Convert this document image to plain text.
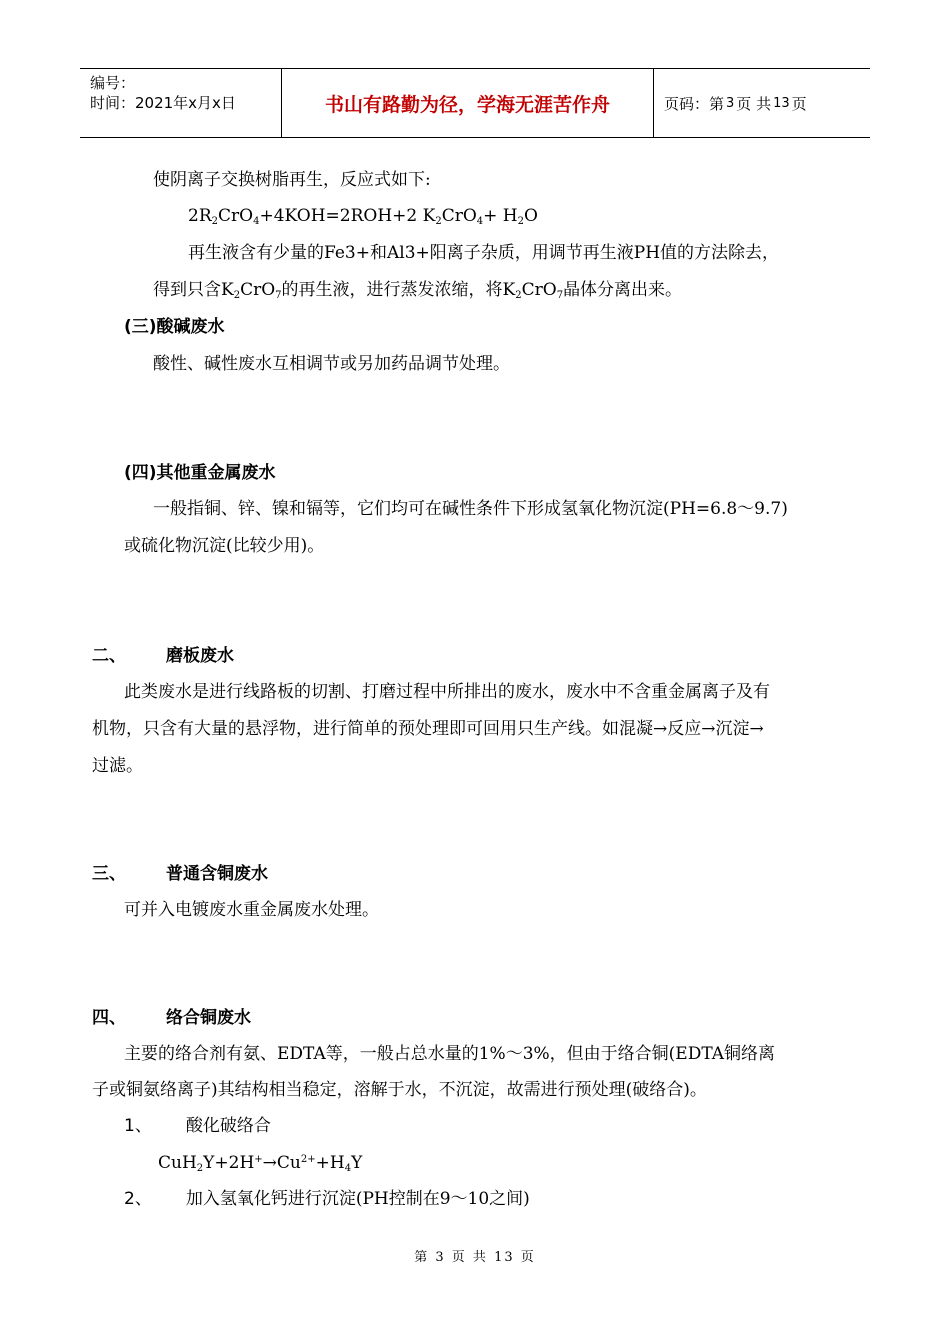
编号：
时间：2021年x月x日	书山有路勤为径，学海无涯苦作舟	页码：第 3 页 共 13 页
使阴离子交换树脂再生，反应式如下:
$2R_2CrO_4+4KOH=2ROH+2$ $K_2CrO_4+ H_2O$
再生液含有少量的Fe3+和Al3+阳离子杂质，用调节再生液PH值的方法除去，
得到只含$K_2CrO_7$的再生液，进行蒸发浓缩，将$K_2CrO_7$晶体分离出来。
(三)酸碱废水
酸性、碱性废水互相调节或另加药品调节处理。
(四)其他重金属废水
一般指铜、锌、镍和镉等，它们均可在碱性条件下形成氢氧化物沉淀(PH=6.8～9.7)
或硫化物沉淀(比较少用)。
二、 磨板废水
此类废水是进行线路板的切割、打磨过程中所排出的废水，废水中不含重金属离子及有
机物，只含有大量的悬浮物，进行简单的预处理即可回用只生产线。如混凝→反应→沉淀→
过滤。
三、 普通含铜废水
可并入电镀废水重金属废水处理。
四、 络合铜废水
主要的络合剂有氨、EDTA等，一般占总水量的1%～3%，但由于络合铜(EDTA铜络离
子或铜氨络离子)其结构相当稳定，溶解于水，不沉淀，故需进行预处理(破络合)。
1、 酸化破络合
$CuH_2Y+2H^+\to Cu^{2+}+H_4Y$
2、 加入氢氧化钙进行沉淀(PH控制在9～10之间)
第 3 页 共 13 页
